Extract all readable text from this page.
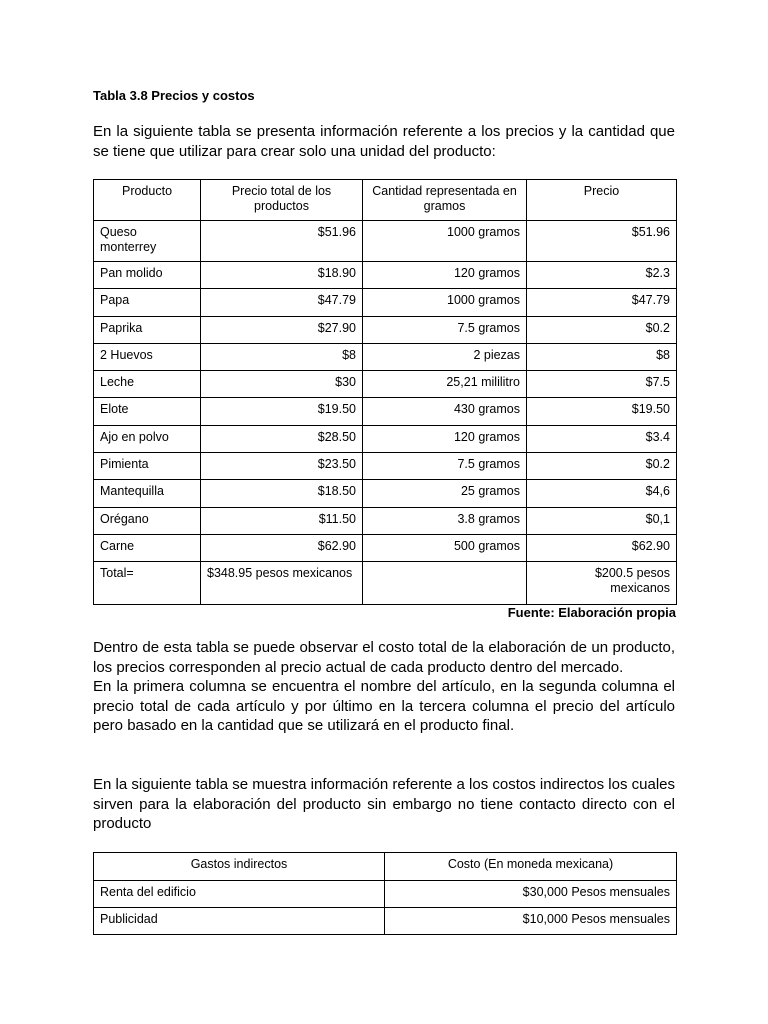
Tabla 3.8 Precios y costos

En la siguiente tabla se presenta información referente a los precios y la cantidad que se tiene que utilizar para crear solo una unidad del producto:

Producto	Precio total de los productos	Cantidad representada en gramos	Precio
Queso monterrey	$51.96	1000 gramos	$51.96
Pan molido	$18.90	120 gramos	$2.3
Papa	$47.79	1000 gramos	$47.79
Paprika	$27.90	7.5 gramos	$0.2
2 Huevos	$8	2 piezas	$8
Leche	$30	25,21 mililitro	$7.5
Elote	$19.50	430 gramos	$19.50
Ajo en polvo	$28.50	120 gramos	$3.4
Pimienta	$23.50	7.5 gramos	$0.2
Mantequilla	$18.50	25 gramos	$4,6
Orégano	$11.50	3.8 gramos	$0,1
Carne	$62.90	500 gramos	$62.90
Total=	$348.95 pesos mexicanos		$200.5 pesos mexicanos
Fuente: Elaboración propia
Dentro de esta tabla se puede observar el costo total de la elaboración de un producto, los precios corresponden al precio actual de cada producto dentro del mercado.
En la primera columna se encuentra el nombre del artículo, en la segunda columna el precio total de cada artículo y por último en la tercera columna el precio del artículo pero basado en la cantidad que se utilizará en el producto final.

En la siguiente tabla se muestra información referente a los costos indirectos los cuales sirven para la elaboración del producto sin embargo no tiene contacto directo con el producto

Gastos indirectos	Costo (En moneda mexicana)
Renta del edificio	$30,000 Pesos mensuales
Publicidad	$10,000 Pesos mensuales
